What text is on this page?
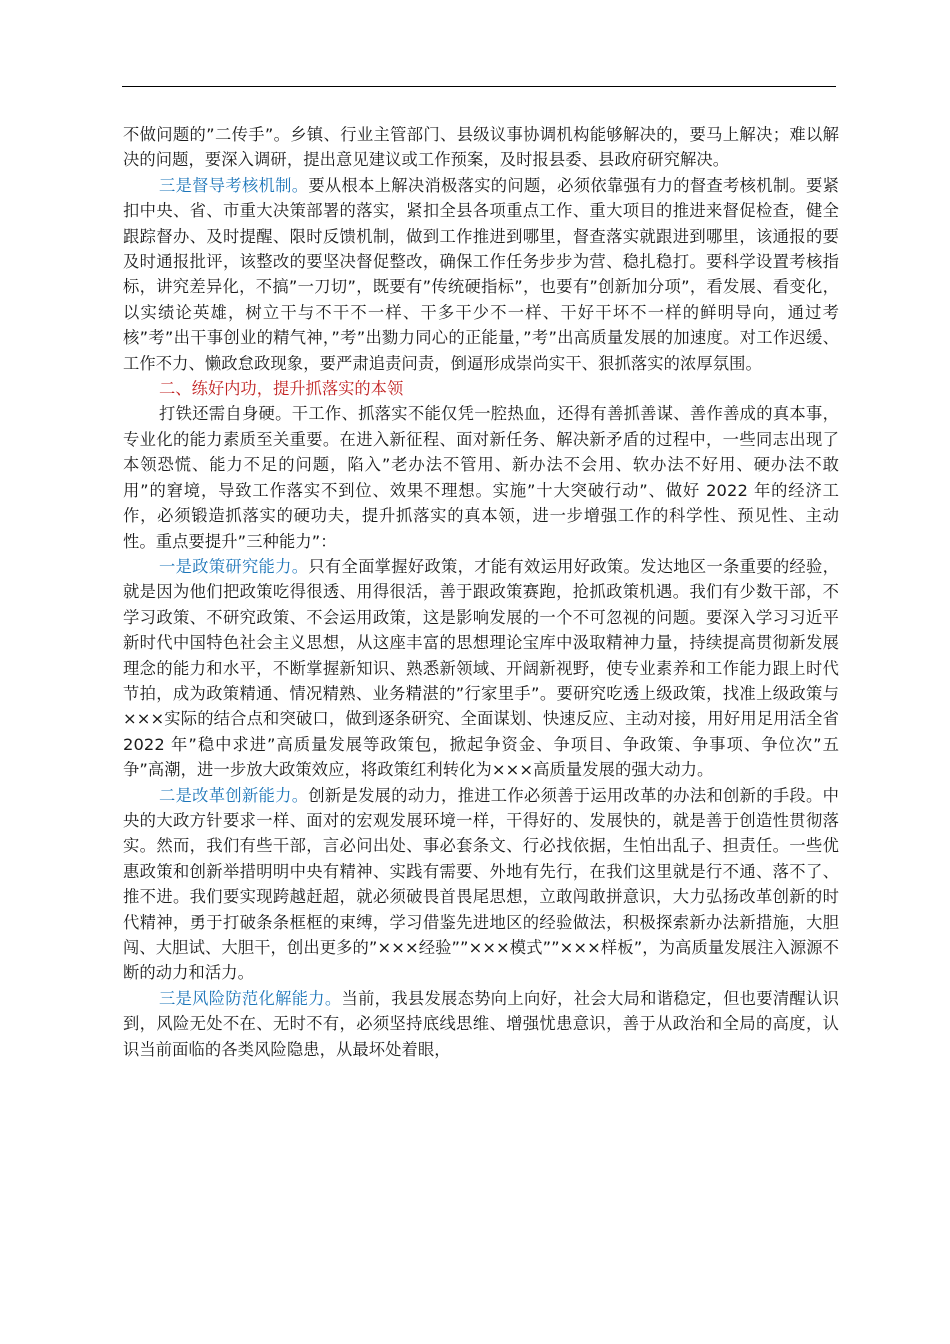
不做问题的”二传手”。乡镇、行业主管部门、县级议事协调机构能够解决的，要马上解决；难以解决的问题，要深入调研，提出意见建议或工作预案，及时报县委、县政府研究解决。

三是督导考核机制。要从根本上解决消极落实的问题，必须依靠强有力的督查考核机制。要紧扣中央、省、市重大决策部署的落实，紧扣全县各项重点工作、重大项目的推进来督促检查，健全跟踪督办、及时提醒、限时反馈机制，做到工作推进到哪里，督查落实就跟进到哪里，该通报的要及时通报批评，该整改的要坚决督促整改，确保工作任务步步为营、稳扎稳打。要科学设置考核指标，讲究差异化，不搞”一刀切”，既要有”传统硬指标”，也要有”创新加分项”，看发展、看变化，以实绩论英雄，树立干与不干不一样、干多干少不一样、干好干坏不一样的鲜明导向，通过考核”考”出干事创业的精气神，”考”出勠力同心的正能量，”考”出高质量发展的加速度。对工作迟缓、工作不力、懒政怠政现象，要严肃追责问责，倒逼形成崇尚实干、狠抓落实的浓厚氛围。

二、练好内功，提升抓落实的本领

打铁还需自身硬。干工作、抓落实不能仅凭一腔热血，还得有善抓善谋、善作善成的真本事，专业化的能力素质至关重要。在进入新征程、面对新任务、解决新矛盾的过程中，一些同志出现了本领恐慌、能力不足的问题，陷入”老办法不管用、新办法不会用、软办法不好用、硬办法不敢用”的窘境，导致工作落实不到位、效果不理想。实施”十大突破行动”、做好 2022 年的经济工作，必须锻造抓落实的硬功夫，提升抓落实的真本领，进一步增强工作的科学性、预见性、主动性。重点要提升”三种能力”：

一是政策研究能力。只有全面掌握好政策，才能有效运用好政策。发达地区一条重要的经验，就是因为他们把政策吃得很透、用得很活，善于跟政策赛跑，抢抓政策机遇。我们有少数干部，不学习政策、不研究政策、不会运用政策，这是影响发展的一个不可忽视的问题。要深入学习习近平新时代中国特色社会主义思想，从这座丰富的思想理论宝库中汲取精神力量，持续提高贯彻新发展理念的能力和水平，不断掌握新知识、熟悉新领域、开阔新视野，使专业素养和工作能力跟上时代节拍，成为政策精通、情况精熟、业务精湛的”行家里手”。要研究吃透上级政策，找准上级政策与×××实际的结合点和突破口，做到逐条研究、全面谋划、快速反应、主动对接，用好用足用活全省 2022 年”稳中求进”高质量发展等政策包，掀起争资金、争项目、争政策、争事项、争位次”五争”高潮，进一步放大政策效应，将政策红利转化为×××高质量发展的强大动力。

二是改革创新能力。创新是发展的动力，推进工作必须善于运用改革的办法和创新的手段。中央的大政方针要求一样、面对的宏观发展环境一样，干得好的、发展快的，就是善于创造性贯彻落实。然而，我们有些干部，言必问出处、事必套条文、行必找依据，生怕出乱子、担责任。一些优惠政策和创新举措明明中央有精神、实践有需要、外地有先行，在我们这里就是行不通、落不了、推不进。我们要实现跨越赶超，就必须破畏首畏尾思想，立敢闯敢拼意识，大力弘扬改革创新的时代精神，勇于打破条条框框的束缚，学习借鉴先进地区的经验做法，积极探索新办法新措施，大胆闯、大胆试、大胆干，创出更多的”×××经验””×××模式””×××样板”，为高质量发展注入源源不断的动力和活力。

三是风险防范化解能力。当前，我县发展态势向上向好，社会大局和谐稳定，但也要清醒认识到，风险无处不在、无时不有，必须坚持底线思维、增强忧患意识，善于从政治和全局的高度，认识当前面临的各类风险隐患，从最坏处着眼，
